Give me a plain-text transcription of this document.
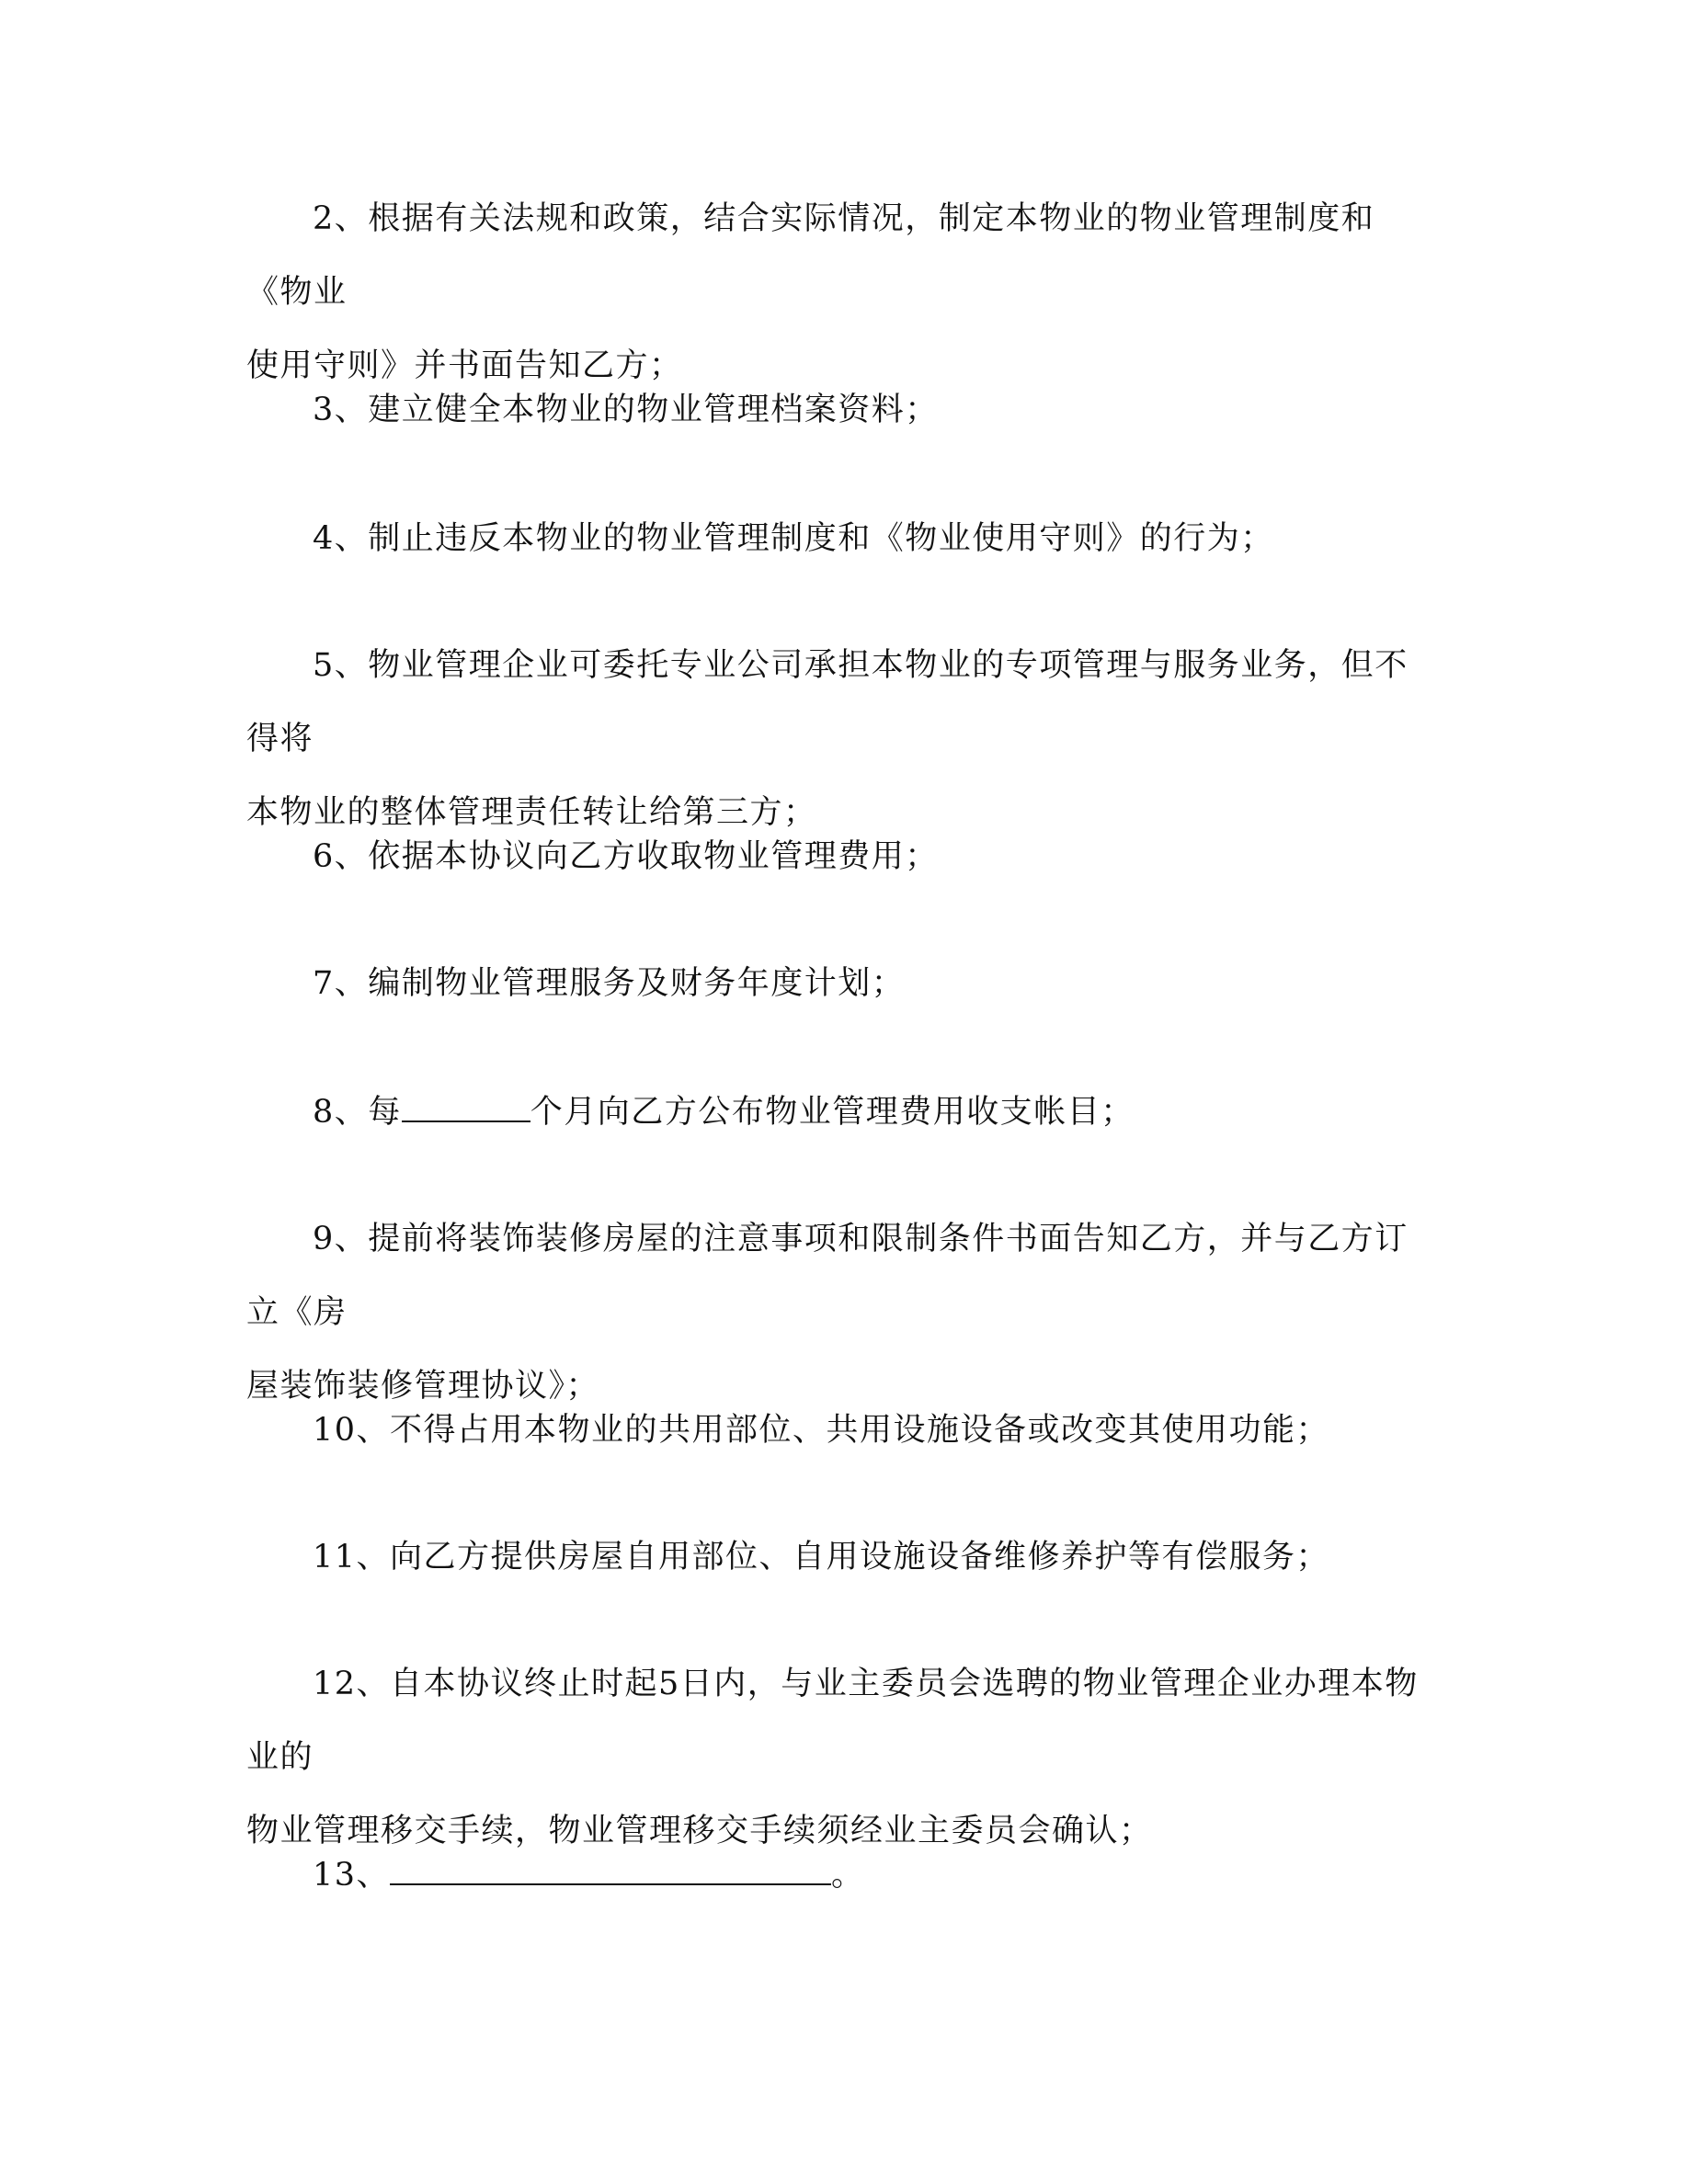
2、根据有关法规和政策，结合实际情况，制定本物业的物业管理制度和《物业
使用守则》并书面告知乙方；

3、建立健全本物业的物业管理档案资料；

4、制止违反本物业的物业管理制度和《物业使用守则》的行为；

5、物业管理企业可委托专业公司承担本物业的专项管理与服务业务，但不得将
本物业的整体管理责任转让给第三方；

6、依据本协议向乙方收取物业管理费用；

7、编制物业管理服务及财务年度计划；

8、每	个月向乙方公布物业管理费用收支帐目；

9、提前将装饰装修房屋的注意事项和限制条件书面告知乙方，并与乙方订立《房
屋装饰装修管理协议》；

10、不得占用本物业的共用部位、共用设施设备或改变其使用功能；

11、向乙方提供房屋自用部位、自用设施设备维修养护等有偿服务；

12、自本协议终止时起5日内，与业主委员会选聘的物业管理企业办理本物业的
物业管理移交手续，物业管理移交手续须经业主委员会确认；

13、	。
